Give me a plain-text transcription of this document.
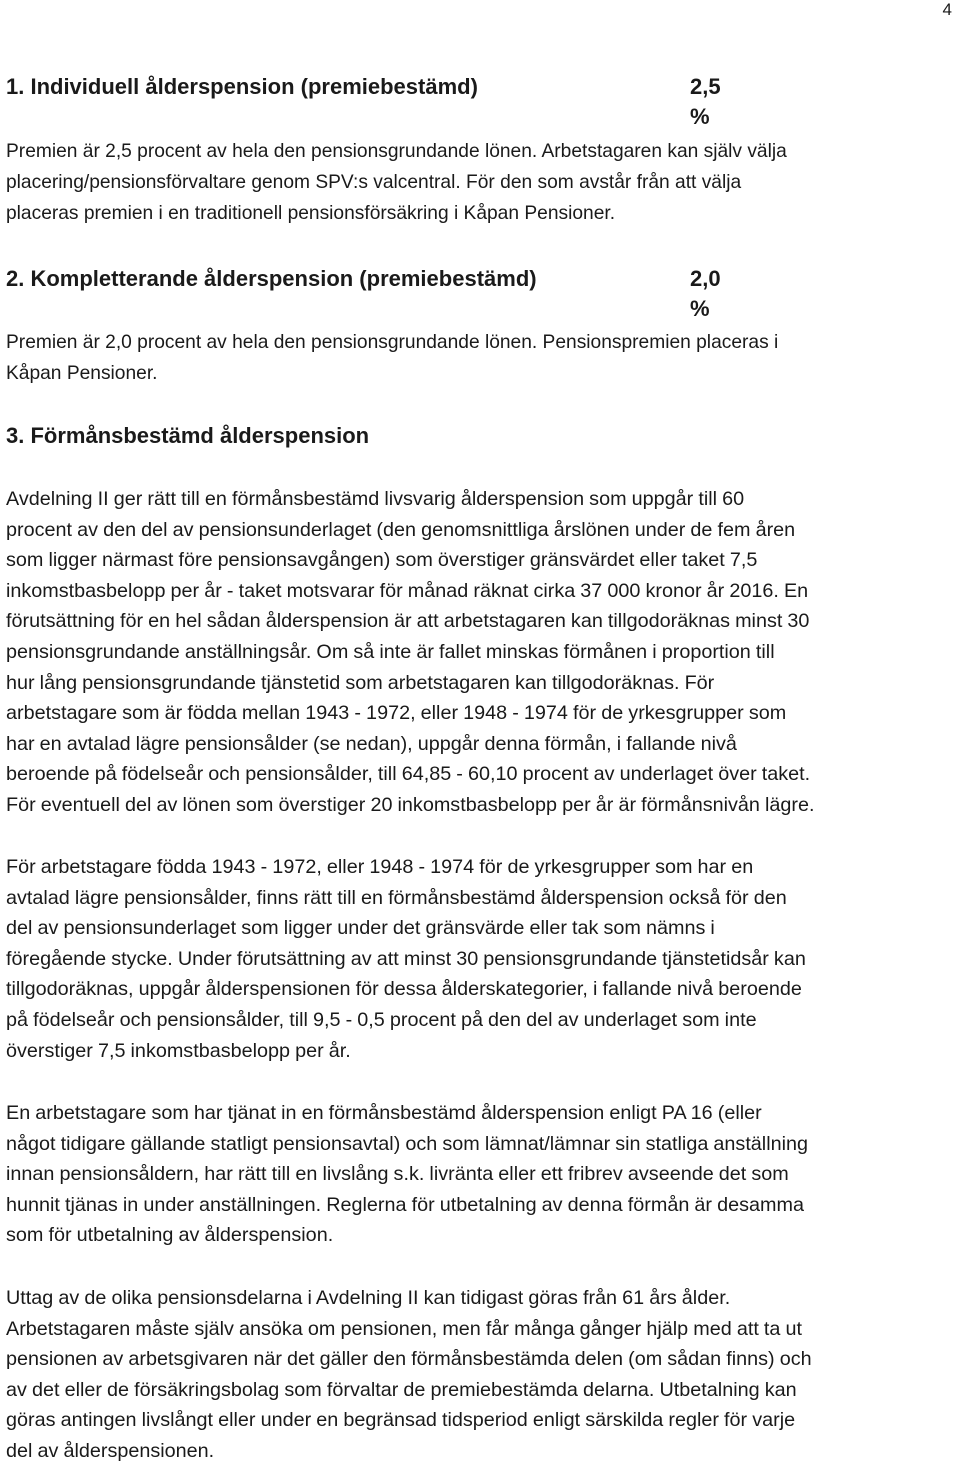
4
1. Individuell ålderspension (premiebestämd)	2,5 %

Premien är 2,5 procent av hela den pensionsgrundande lönen. Arbetstagaren kan själv välja
placering/pensionsförvaltare genom SPV:s valcentral. För den som avstår från att välja
placeras premien i en traditionell pensionsförsäkring i Kåpan Pensioner.

2. Kompletterande ålderspension (premiebestämd)	2,0 %

Premien är 2,0 procent av hela den pensionsgrundande lönen. Pensionspremien placeras i
Kåpan Pensioner.

3. Förmånsbestämd ålderspension

Avdelning II ger rätt till en förmånsbestämd livsvarig ålderspension som uppgår till 60
procent av den del av pensionsunderlaget (den genomsnittliga årslönen under de fem åren
som ligger närmast före pensionsavgången) som överstiger gränsvärdet eller taket 7,5
inkomstbasbelopp per år - taket motsvarar för månad räknat cirka 37 000 kronor år 2016. En
förutsättning för en hel sådan ålderspension är att arbetstagaren kan tillgodoräknas minst 30
pensionsgrundande anställningsår. Om så inte är fallet minskas förmånen i proportion till
hur lång pensionsgrundande tjänstetid som arbetstagaren kan tillgodoräknas. För
arbetstagare som är födda mellan 1943 - 1972, eller 1948 - 1974 för de yrkesgrupper som
har en avtalad lägre pensionsålder (se nedan), uppgår denna förmån, i fallande nivå
beroende på födelseår och pensionsålder, till 64,85 - 60,10 procent av underlaget över taket.
För eventuell del av lönen som överstiger 20 inkomstbasbelopp per år är förmånsnivån lägre.

För arbetstagare födda 1943 - 1972, eller 1948 - 1974 för de yrkesgrupper som har en
avtalad lägre pensionsålder, finns rätt till en förmånsbestämd ålderspension också för den
del av pensionsunderlaget som ligger under det gränsvärde eller tak som nämns i
föregående stycke. Under förutsättning av att minst 30 pensionsgrundande tjänstetidsår kan
tillgodoräknas, uppgår ålderspensionen för dessa ålderskategorier, i fallande nivå beroende
på födelseår och pensionsålder, till 9,5 - 0,5 procent på den del av underlaget som inte
överstiger 7,5 inkomstbasbelopp per år.

En arbetstagare som har tjänat in en förmånsbestämd ålderspension enligt PA 16 (eller
något tidigare gällande statligt pensionsavtal) och som lämnat/lämnar sin statliga anställning
innan pensionsåldern, har rätt till en livslång s.k. livränta eller ett fribrev avseende det som
hunnit tjänas in under anställningen. Reglerna för utbetalning av denna förmån är desamma
som för utbetalning av ålderspension.

Uttag av de olika pensionsdelarna i Avdelning II kan tidigast göras från 61 års ålder.
Arbetstagaren måste själv ansöka om pensionen, men får många gånger hjälp med att ta ut
pensionen av arbetsgivaren när det gäller den förmånsbestämda delen (om sådan finns) och
av det eller de försäkringsbolag som förvaltar de premiebestämda delarna. Utbetalning kan
göras antingen livslångt eller under en begränsad tidsperiod enligt särskilda regler för varje
del av ålderspensionen.
